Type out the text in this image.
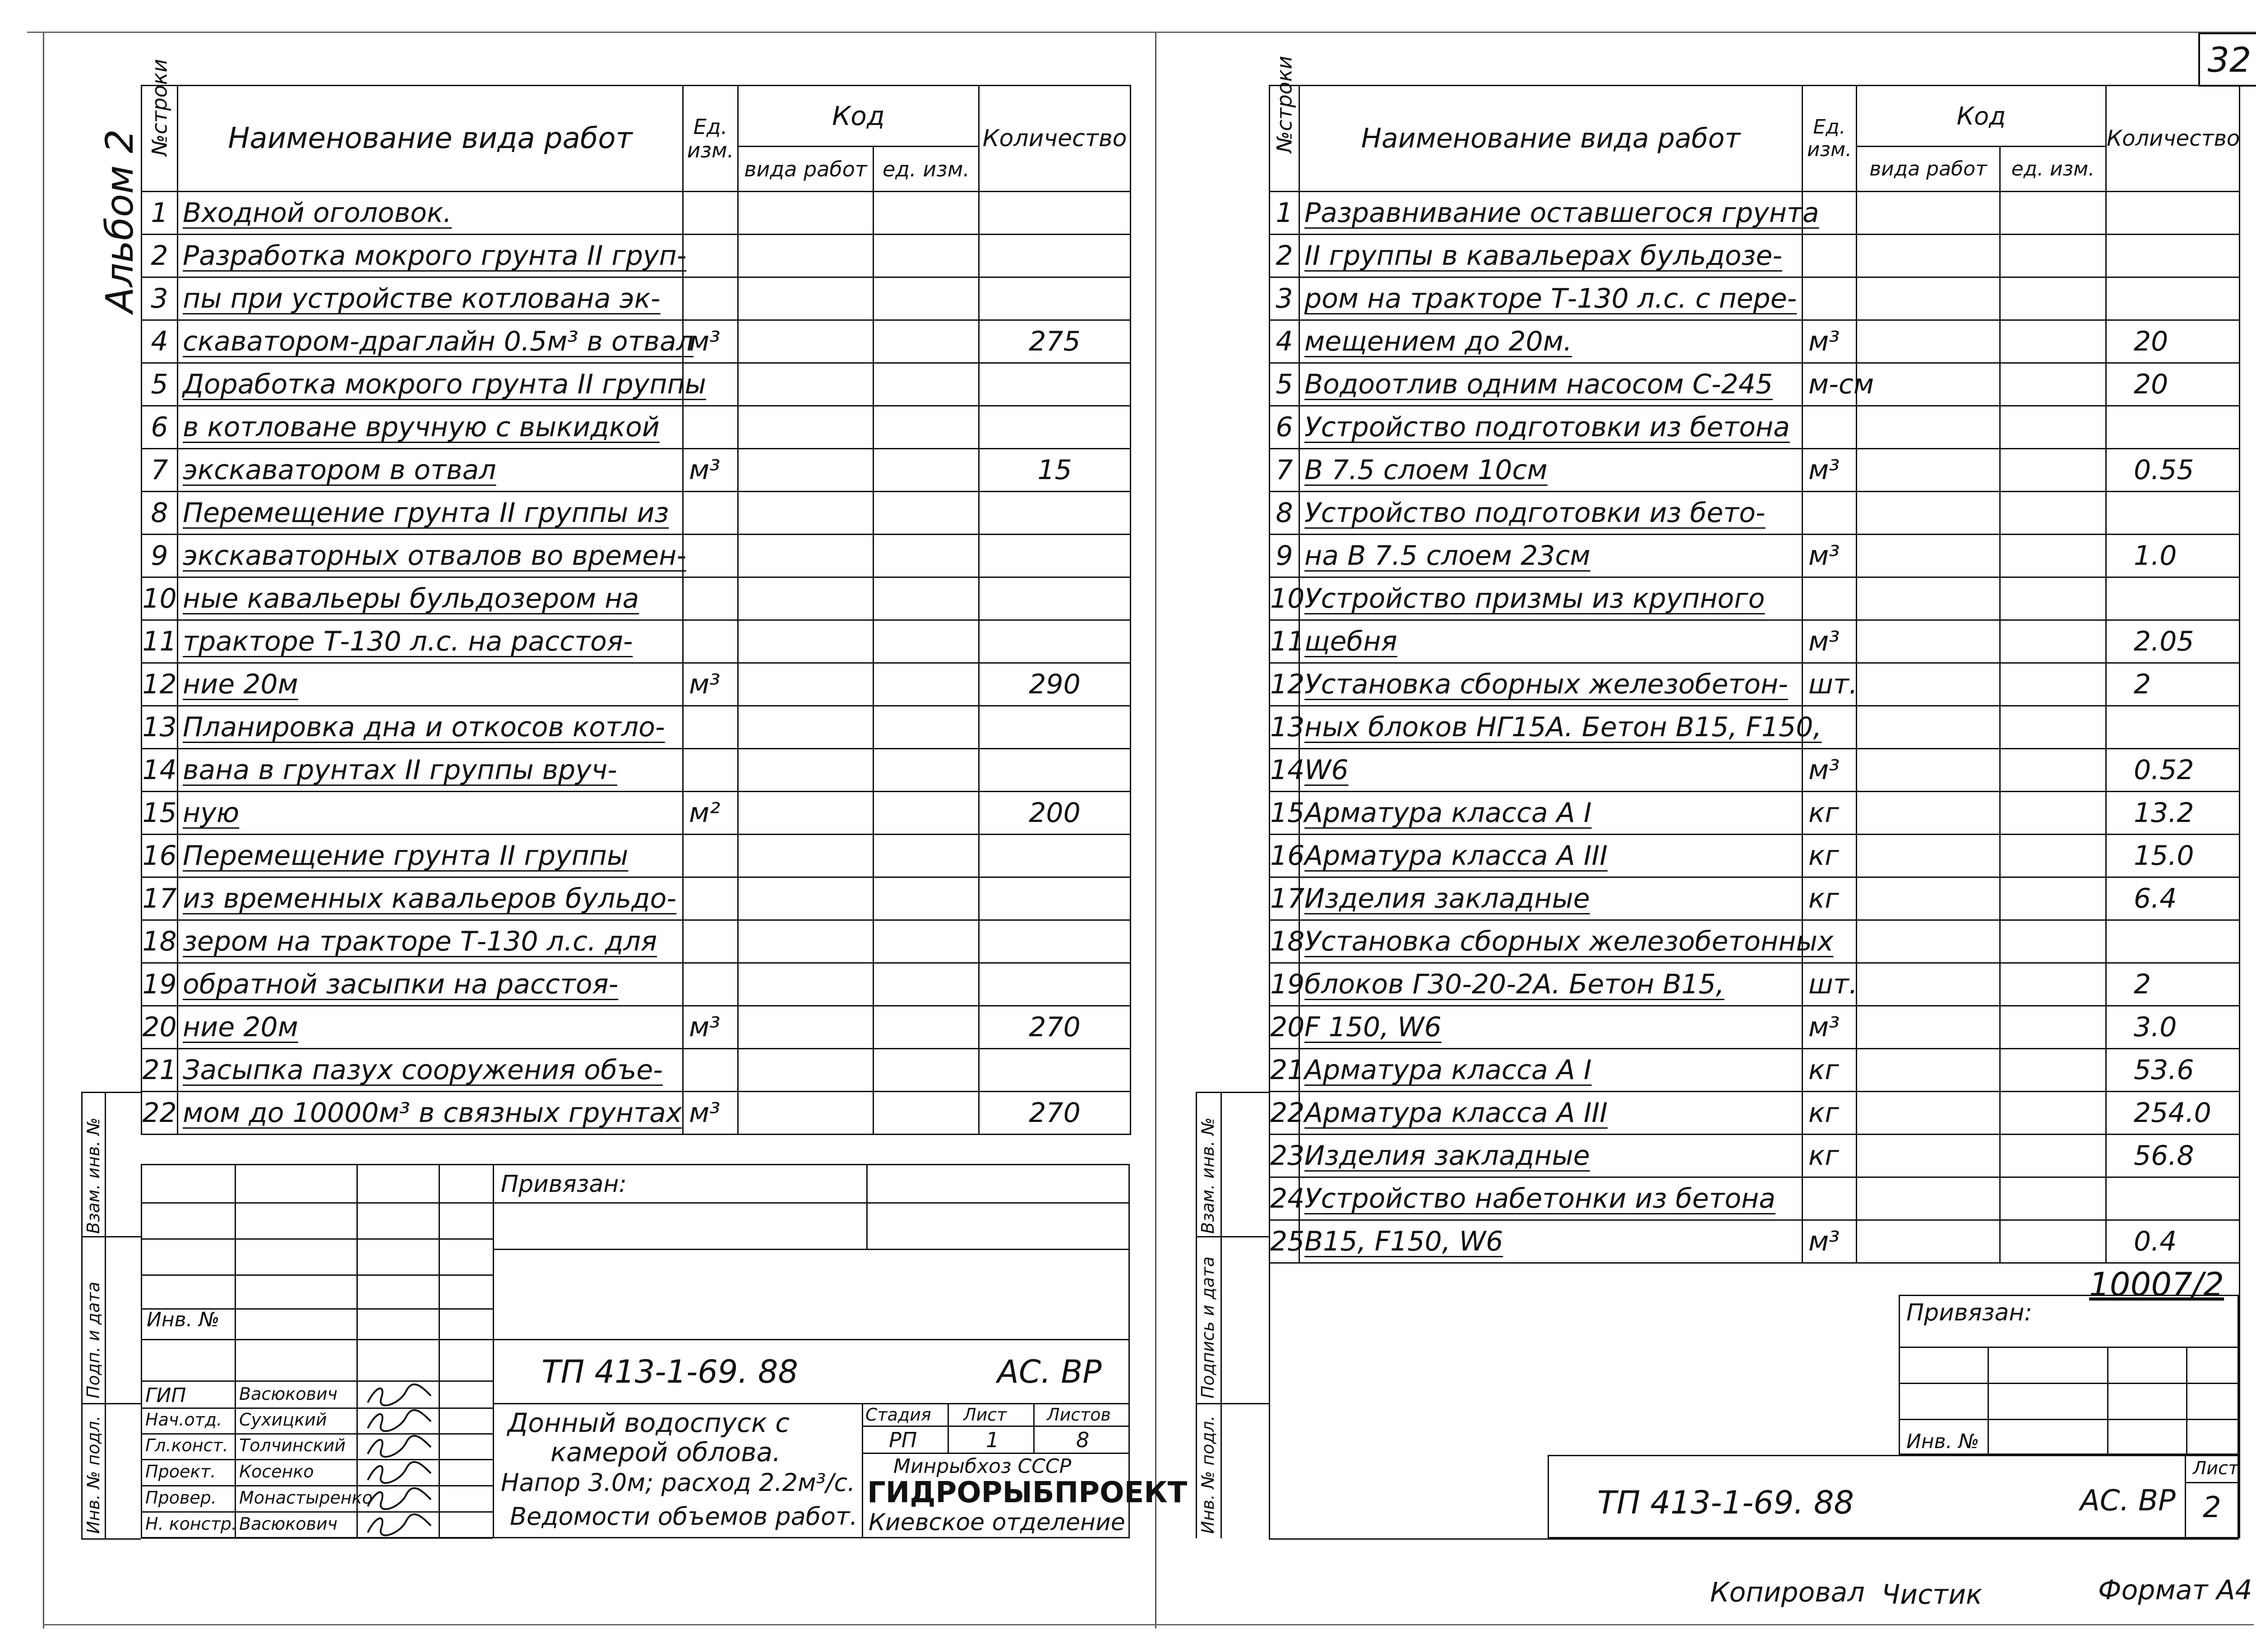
Альбом 2
32
№строки	Наименование вида работ	Ед. изм.	Код		Количество
			вида работ	ед. изм.	
1	Входной оголовок.				
2	Разработка мокрого грунта II груп-				
3	пы при устройстве котлована эк-				
4	скаватором-драглайн 0.5м³ в отвал	м³			275
5	Доработка мокрого грунта II группы				
6	в котловане вручную с выкидкой				
7	экскаватором в отвал	м³			15
8	Перемещение грунта II группы из				
9	экскаваторных отвалов во времен-				
10	ные кавальеры бульдозером на				
11	тракторе Т-130 л.с. на расстоя-				
12	ние 20м	м³			290
13	Планировка дна и откосов котло-				
14	вана в грунтах II группы вруч-				
15	ную	м²			200
16	Перемещение грунта II группы				
17	из временных кавальеров бульдо-				
18	зером на тракторе Т-130 л.с. для				
19	обратной засыпки на расстоя-				
20	ние 20м	м³			270
21	Засыпка пазух сооружения объе-				
22	мом до 10000м³ в связных грунтах	м³			270
Привязан:
Инв. №
ТП 413-1-69. 88	АС. ВР
ГИП	Васюкович
Нач.отд. Сухицкий
Гл.конст. Толчинский
Проект. Косенко
Провер. Монастыренко
Н. констр. Васюкович
Донный водоспуск с
камерой облова.
Напор 3.0м; расход 2.2м³/с.
Ведомости объемов работ.
Стадия Лист Листов
РП	1	8
Минрыбхоз СССР
ГИДРОРЫБПРОЕКТ
Киевское отделение
Взам. инв. №
Подп. и дата
Инв. № подл.
№строки	Наименование вида работ	Ед. изм.	Код		Количество
			вида работ	ед. изм.	
1	Разравнивание оставшегося грунта				
2	II группы в кавальерах бульдозе-				
3	ром на тракторе Т-130 л.с. с пере-				
4	мещением до 20м.	м³			20
5	Водоотлив одним насосом С-245	м-см			20
6	Устройство подготовки из бетона				
7	В 7.5 слоем 10см	м³			0.55
8	Устройство подготовки из бето-				
9	на В 7.5 слоем 23см	м³			1.0
10	Устройство призмы из крупного				
11	щебня	м³			2.05
12	Установка сборных железобетон-	шт.			2
13	ных блоков НГ15А. Бетон В15, F150,				
14	W6	м³			0.52
15	Арматура класса А I	кг			13.2
16	Арматура класса А III	кг			15.0
17	Изделия закладные	кг			6.4
18	Установка сборных железобетонных				
19	блоков Г30-20-2А. Бетон В15,	шт.			2
20	F 150, W6	м³			3.0
21	Арматура класса А I	кг			53.6
22	Арматура класса А III	кг			254.0
23	Изделия закладные	кг			56.8
24	Устройство набетонки из бетона				
25	В15, F150, W6	м³			0.4
10007/2
Привязан:
Инв. №
ТП 413-1-69. 88	АС. ВР
Лист
2
Взам. инв. №
Подпись и дата
Инв. № подл.
Копировал Чистик	Формат А4
